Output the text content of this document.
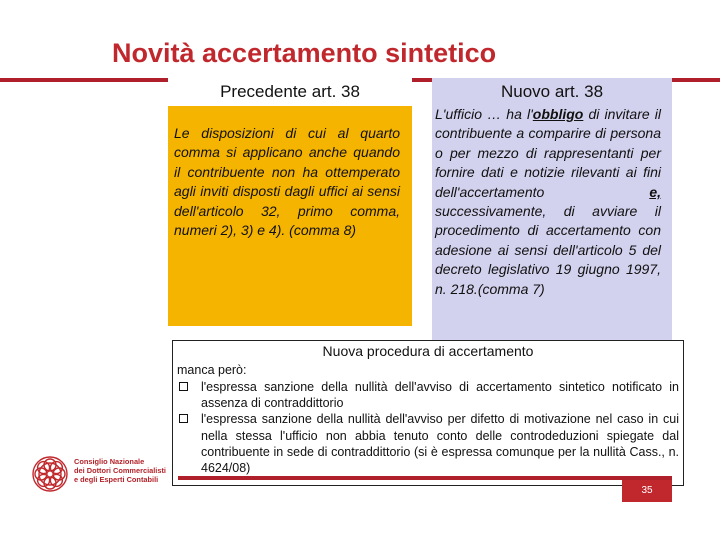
Novità accertamento sintetico
Precedente art. 38
Le disposizioni di cui al quarto comma si applicano anche quando il contribuente non ha ottemperato agli inviti disposti dagli uffici ai sensi dell'articolo 32, primo comma, numeri 2), 3) e 4). (comma 8)
Nuovo art. 38
L'ufficio … ha l'obbligo di invitare il contribuente a comparire di persona o per mezzo di rappresentanti per fornire dati e notizie rilevanti ai fini dell'accertamento e, successivamente, di avviare il procedimento di accertamento con adesione ai sensi dell'articolo 5 del decreto legislativo 19 giugno 1997, n. 218.(comma 7)
Nuova procedura di accertamento
manca però:
l'espressa sanzione della nullità dell'avviso di accertamento sintetico notificato in assenza di contraddittorio
l'espressa sanzione della nullità dell'avviso per difetto di motivazione nel caso in cui nella stessa l'ufficio non abbia tenuto conto delle controdeduzioni spiegate dal contribuente in sede di contraddittorio (si è espressa comunque per la nullità Cass., n. 4624/08)
Consiglio Nazionale
dei Dottori Commercialisti
e degli Esperti Contabili
35
